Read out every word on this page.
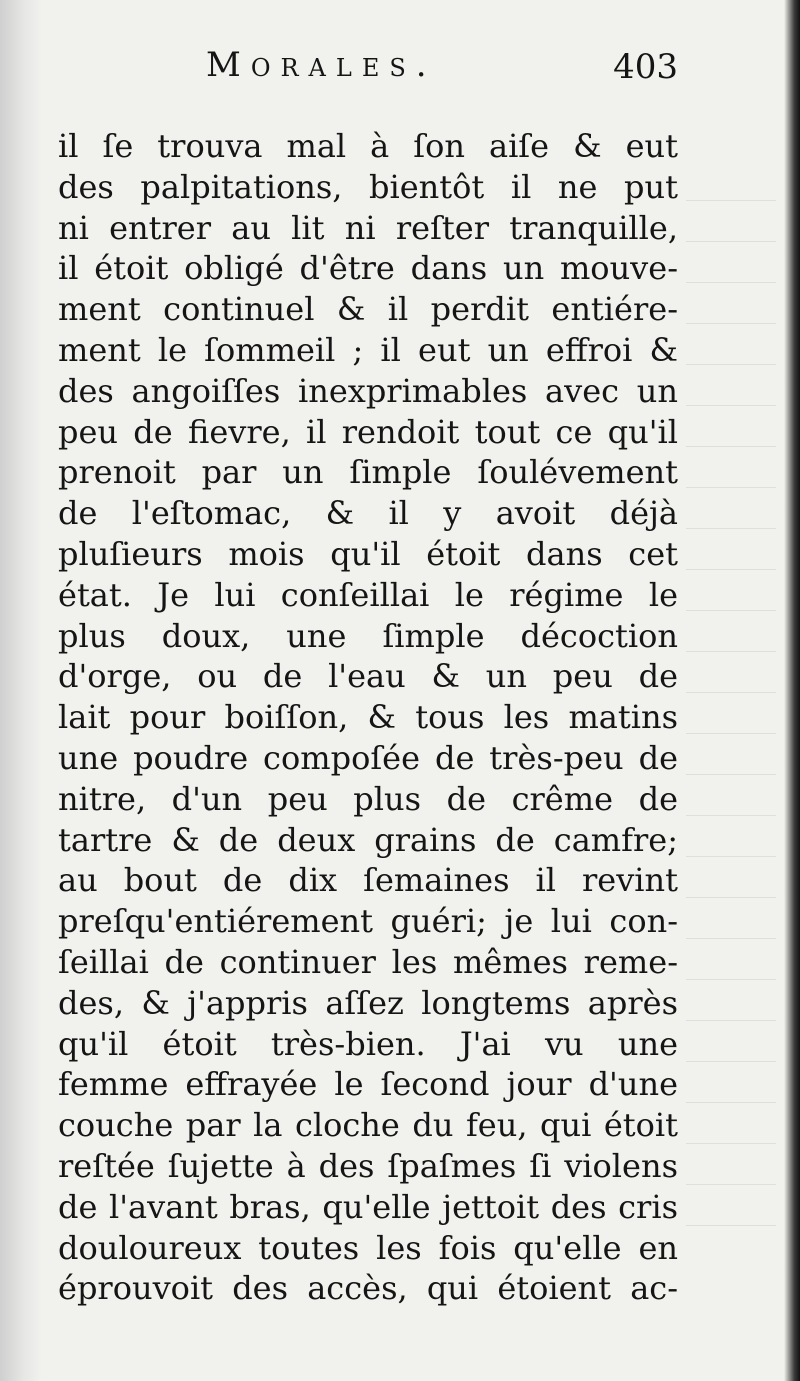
Morales.	403
il ſe trouva mal à ſon aiſe & eut
des palpitations, bientôt il ne put
ni entrer au lit ni reſter tranquille,
il étoit obligé d'être dans un mouve-
ment continuel & il perdit entiére-
ment le ſommeil ; il eut un effroi &
des angoiſſes inexprimables avec un
peu de fievre, il rendoit tout ce qu'il
prenoit par un ſimple ſoulévement
de l'eſtomac, & il y avoit déjà
pluſieurs mois qu'il étoit dans cet
état. Je lui conſeillai le régime le
plus doux, une ſimple décoction
d'orge, ou de l'eau & un peu de
lait pour boiſſon, & tous les matins
une poudre compoſée de très-peu de
nitre, d'un peu plus de crême de
tartre & de deux grains de camfre;
au bout de dix ſemaines il revint
preſqu'entiérement guéri; je lui con-
ſeillai de continuer les mêmes reme-
des, & j'appris aſſez longtems après
qu'il étoit très-bien. J'ai vu une
femme effrayée le ſecond jour d'une
couche par la cloche du feu, qui étoit
reſtée ſujette à des ſpaſmes ſi violens
de l'avant bras, qu'elle jettoit des cris
douloureux toutes les fois qu'elle en
éprouvoit des accès, qui étoient ac-
